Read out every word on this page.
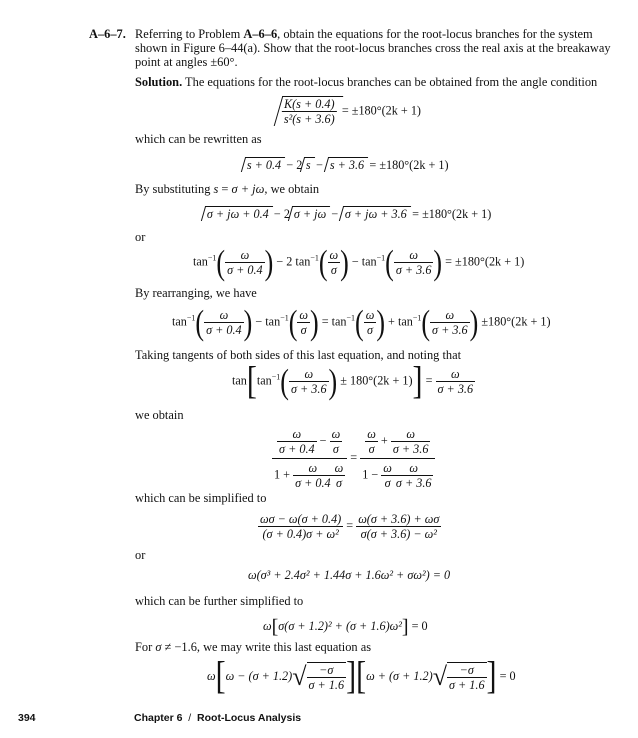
A–6–7. Referring to Problem A–6–6, obtain the equations for the root-locus branches for the system
shown in Figure 6–44(a). Show that the root-locus branches cross the real axis at the breakaway
point at angles ±60°.
Solution. The equations for the root-locus branches can be obtained from the angle condition
$\frac{K(s + 0.4)}{\text{s²(s + 3.6)}} = \pm 180^\circ(2k + 1)$
which can be rewritten as
s + 0.4 − 2 s − s + 3.6 = ±180°(2k + 1)
By substituting s = σ + jω, we obtain
σ + jω + 0.4 − 2 σ + jω − σ + jω + 3.6 = ±180°(2k + 1)
or
$\tan^{-1}( \frac{\omega}{\sigma + 0.4}$ ) − 2 $\tan^{-1}( \frac{\omega}{\sigma}$ ) − $\tan^{-1}( \frac{\omega}{\sigma + 3.6}$ ) = ±180°(2k + 1)
By rearranging, we have
$\tan^{-1}( \frac{\omega}{\sigma + 0.4}$ ) − $\tan^{-1}( \frac{\omega}{\sigma}$ ) = $\tan^{-1}( \frac{\omega}{\sigma}$ ) + $\tan^{-1}( \frac{\omega}{\sigma + 3.6}$ ) ±180°(2k + 1)
Taking tangents of both sides of this last equation, and noting that
$\tan[\tan^{-1}( \frac{\omega}{\sigma + 3.6}$ ) ± $180^\circ(2k + 1)] = \frac{\omega}{\sigma + 3.6}$
we obtain
$\frac{\frac{\omega}{\sigma + 0.4} - \frac{\omega}{\sigma}}{1 + \frac{\omega}{\sigma + 0.4} \frac{\omega}{\sigma}} = \frac{\frac{\omega}{\sigma} + \frac{\omega}{\sigma + 3.6}}{1 - \frac{\omega}{\sigma} \frac{\omega}{\sigma + 3.6}}$
which can be simplified to
$\frac{\omega\sigma - \omega(\sigma + 0.4)}{\text{(σ + 0.4)σ + ω²}} = \frac{\omega(\sigma + 3.6) + \omega\sigma}{\text{σ(σ + 3.6) − ω²}}$
or
ω(σ³ + 2.4σ² + 1.44σ + 1.6ω² + σω²) = 0
which can be further simplified to
ω[σ(σ + 1.2)² + (σ + 1.6)ω²] = 0
For σ ≠ −1.6, we may write this last equation as
$\omega[\omega - (\sigma + 1.2)√ \frac{-\sigma}{\sigma + 1.6} ][\omega + (\sigma + 1.2)√ \frac{-\sigma}{\sigma + 1.6}$ ] = 0
394	Chapter 6 / Root-Locus Analysis
